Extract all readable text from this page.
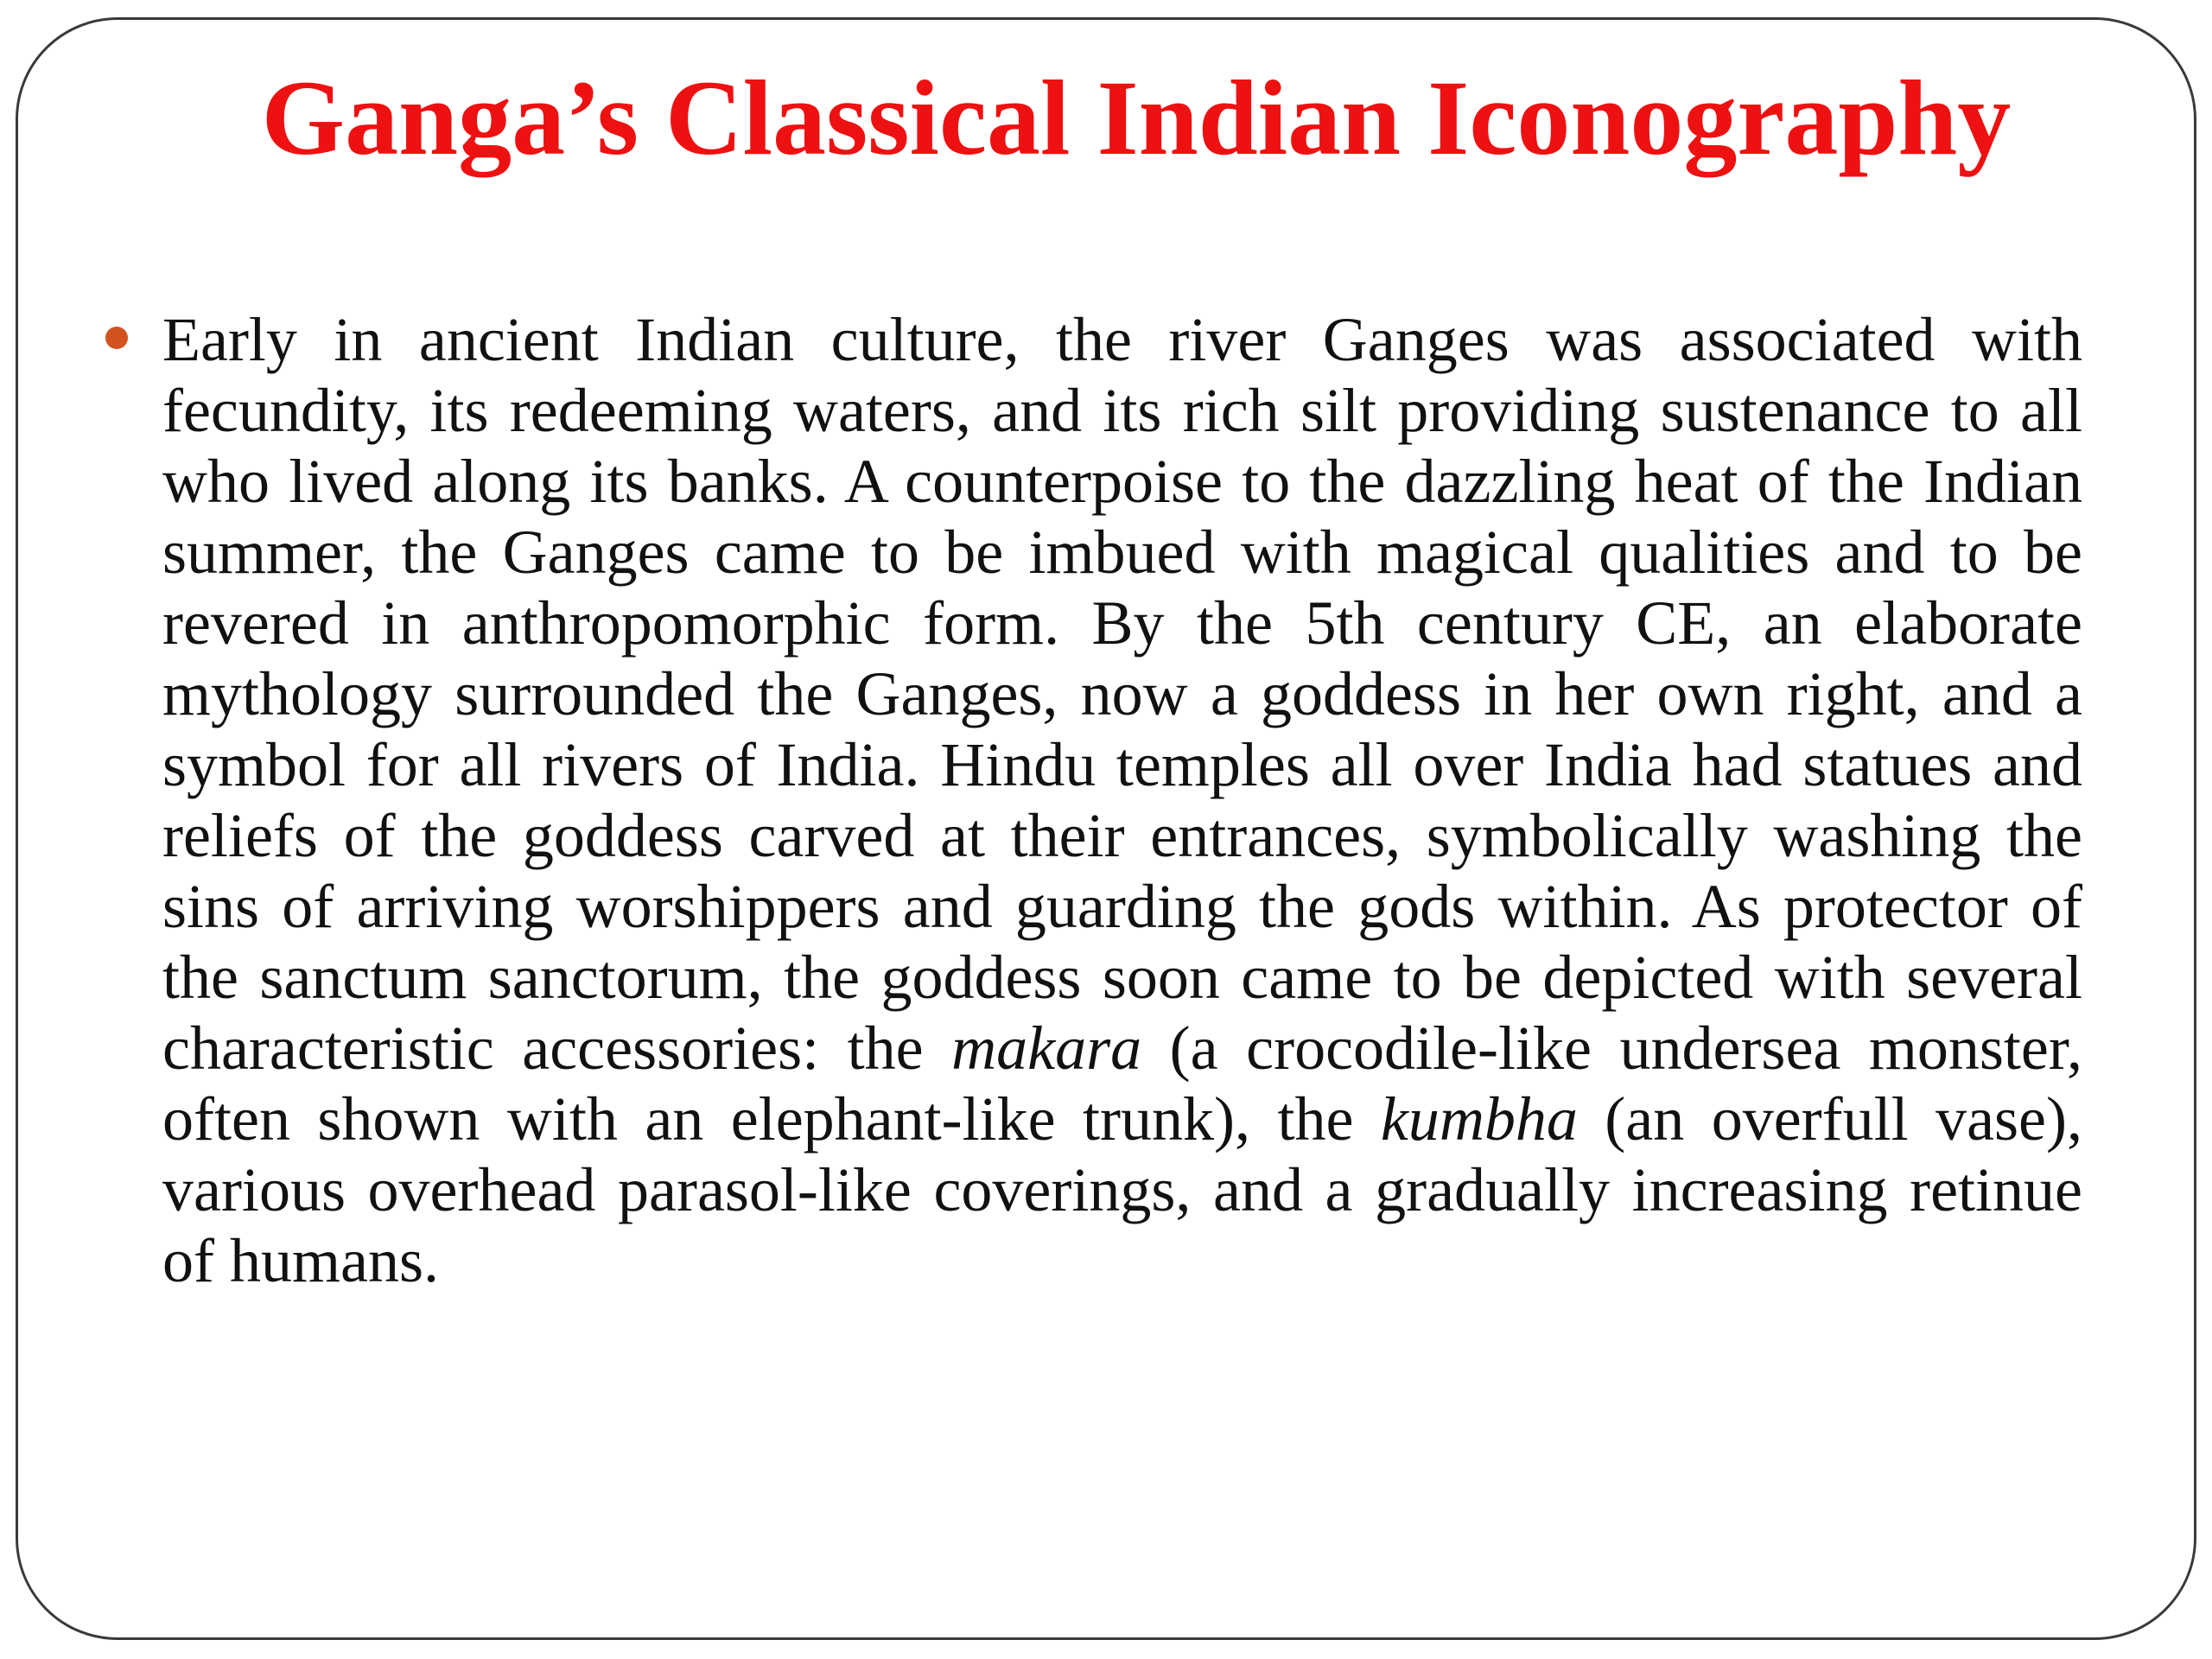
Ganga’s Classical Indian Iconography

Early in ancient Indian culture, the river Ganges was associated with fecundity, its redeeming waters, and its rich silt providing sustenance to all who lived along its banks. A counterpoise to the dazzling heat of the Indian summer, the Ganges came to be imbued with magical qualities and to be revered in anthropomorphic form. By the 5th century CE, an elaborate mythology surrounded the Ganges, now a goddess in her own right, and a symbol for all rivers of India. Hindu temples all over India had statues and reliefs of the goddess carved at their entrances, symbolically washing the sins of arriving worshippers and guarding the gods within. As protector of the sanctum sanctorum, the goddess soon came to be depicted with several characteristic accessories: the makara (a crocodile-like undersea monster, often shown with an elephant-like trunk), the kumbha (an overfull vase), various overhead parasol-like coverings, and a gradually increasing retinue of humans.
